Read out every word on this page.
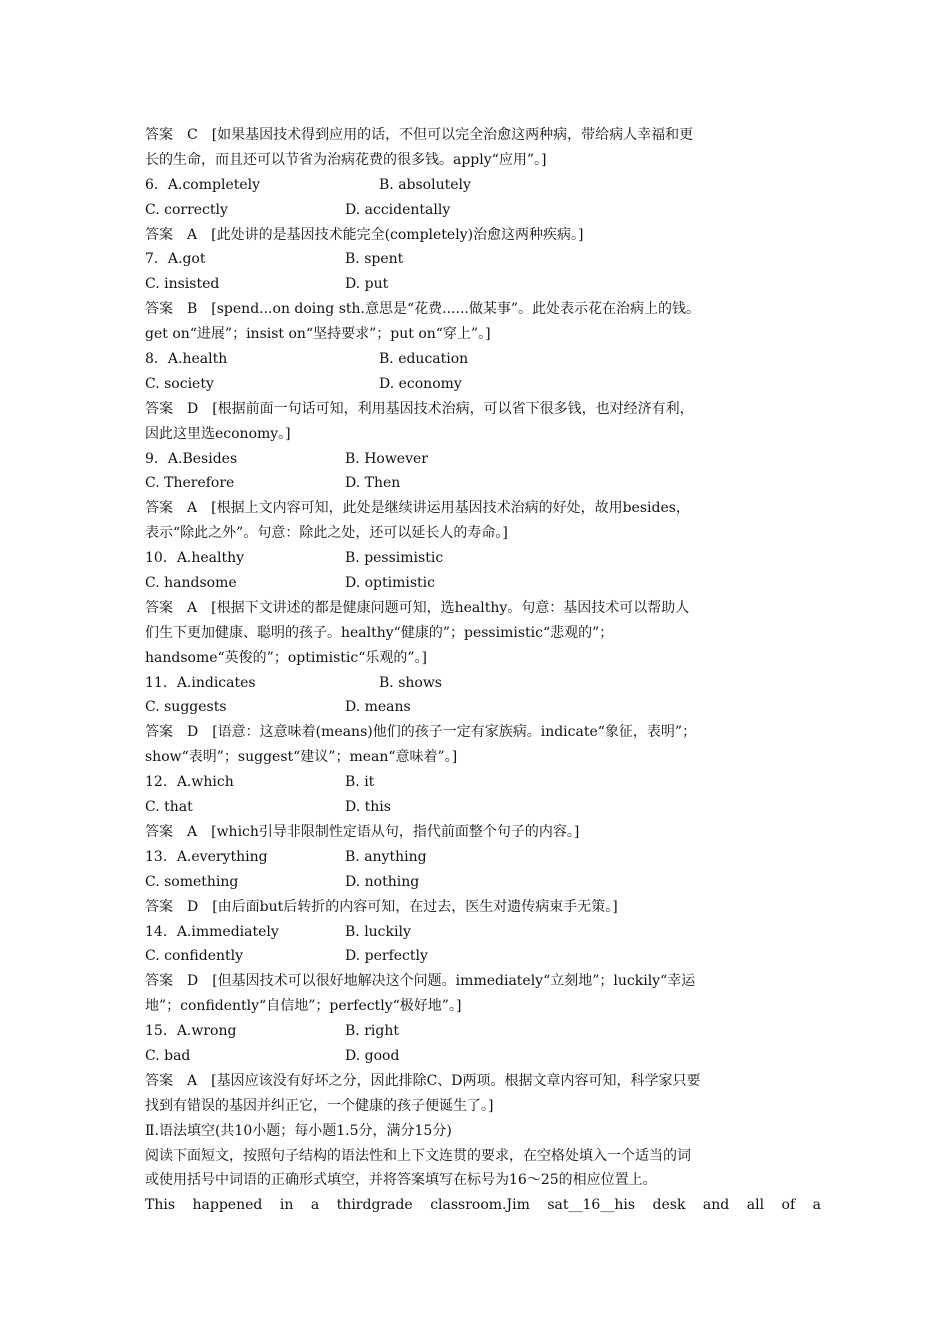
答案　C　[如果基因技术得到应用的话，不但可以完全治愈这两种病，带给病人幸福和更
长的生命，而且还可以节省为治病花费的很多钱。apply“应用”。]
6．A.completely	B. absolutely
C. correctly	D. accidentally
答案　A　[此处讲的是基因技术能完全(completely)治愈这两种疾病。]
7．A.got	B. spent
C. insisted	D. put
答案　B　[spend...on doing sth.意思是“花费......做某事”。此处表示花在治病上的钱。
get on“进展”；insist on“坚持要求”；put on“穿上”。]
8．A.health	B. education
C. society	D. economy
答案　D　[根据前面一句话可知，利用基因技术治病，可以省下很多钱，也对经济有利，
因此这里选economy。]
9．A.Besides	B. However
C. Therefore	D. Then
答案　A　[根据上文内容可知，此处是继续讲运用基因技术治病的好处，故用besides，
表示“除此之外”。句意：除此之处，还可以延长人的寿命。]
10．A.healthy	B. pessimistic
C. handsome	D. optimistic
答案　A　[根据下文讲述的都是健康问题可知，选healthy。句意：基因技术可以帮助人
们生下更加健康、聪明的孩子。healthy“健康的”；pessimistic“悲观的”；
handsome“英俊的”；optimistic“乐观的”。]
11．A.indicates	B. shows
C. suggests	D. means
答案　D　[语意：这意味着(means)他们的孩子一定有家族病。indicate“象征，表明”；
show“表明”；suggest“建议”；mean“意味着”。]
12．A.which	B. it
C. that	D. this
答案　A　[which引导非限制性定语从句，指代前面整个句子的内容。]
13．A.everything	B. anything
C. something	D. nothing
答案　D　[由后面but后转折的内容可知，在过去，医生对遗传病束手无策。]
14．A.immediately	B. luckily
C. confidently	D. perfectly
答案　D　[但基因技术可以很好地解决这个问题。immediately“立刻地”；luckily“幸运
地”；confidently“自信地”；perfectly“极好地”。]
15．A.wrong	B. right
C. bad	D. good
答案　A　[基因应该没有好坏之分，因此排除C、D两项。根据文章内容可知，科学家只要
找到有错误的基因并纠正它，一个健康的孩子便诞生了。]
Ⅱ.语法填空(共10小题；每小题1.5分，满分15分)
阅读下面短文，按照句子结构的语法性和上下文连贯的要求，在空格处填入一个适当的词
或使用括号中词语的正确形式填空，并将答案填写在标号为16～25的相应位置上。
This happened in a thirdgrade classroom.Jim sat__16__his desk and all of a
